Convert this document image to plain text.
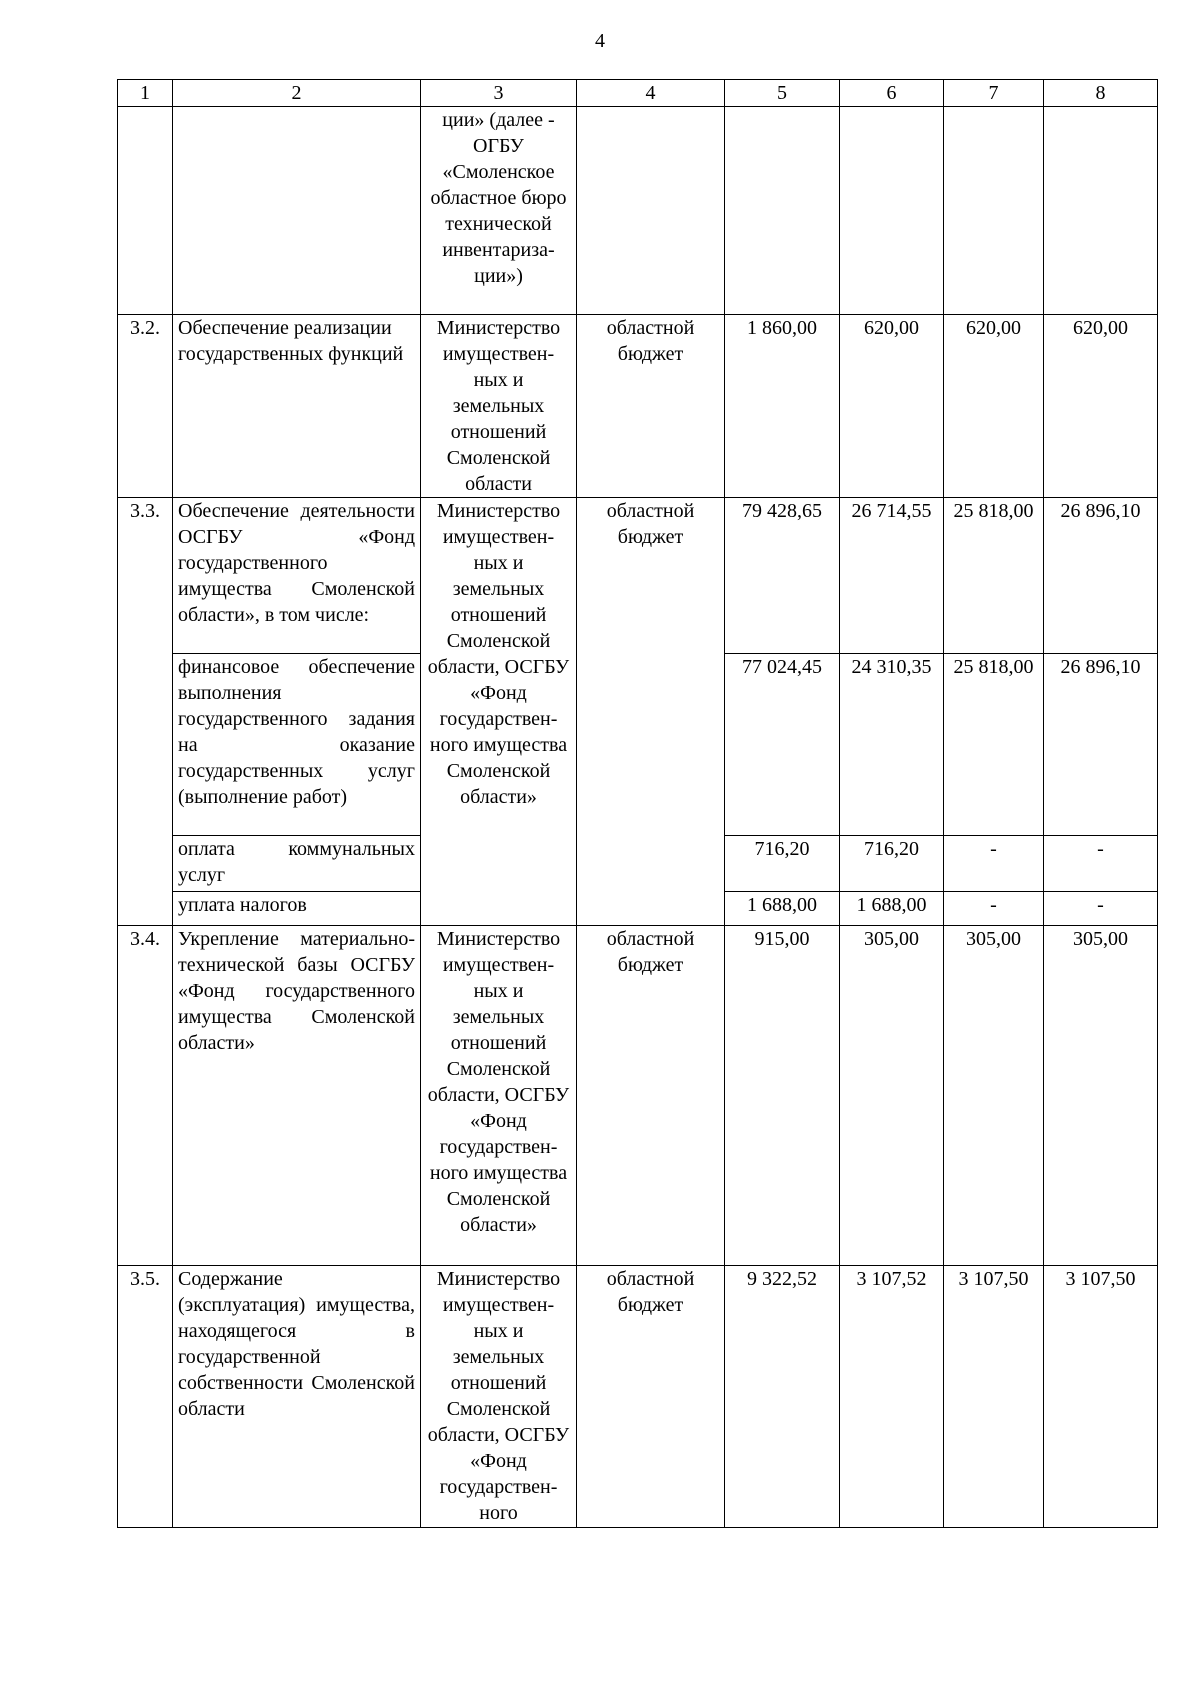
4
1	2	3	4	5	6	7	8
		ции» (далее - ОГБУ «Смоленское областное бюро технической инвентариза-ции»)					
3.2.	Обеспечение реализации государственных функций	Министерство имуществен-ных и земельных отношений Смоленской области	областной бюджет	1 860,00	620,00	620,00	620,00
3.3.	Обеспечение деятельности ОСГБУ «Фонд государственного имущества Смоленской области», в том числе:	Министерство имуществен-ных и земельных отношений Смоленской области, ОСГБУ «Фонд государствен-ного имущества Смоленской области»	областной бюджет	79 428,65	26 714,55	25 818,00	26 896,10
	финансовое обеспечение выполнения государственного задания на оказание государственных услуг (выполнение работ)			77 024,45	24 310,35	25 818,00	26 896,10
	оплата коммунальных услуг			716,20	716,20	-	-
	уплата налогов			1 688,00	1 688,00	-	-
3.4.	Укрепление материально-технической базы ОСГБУ «Фонд государственного имущества Смоленской области»	Министерство имуществен-ных и земельных отношений Смоленской области, ОСГБУ «Фонд государствен-ного имущества Смоленской области»	областной бюджет	915,00	305,00	305,00	305,00
3.5.	Содержание (эксплуатация) имущества, находящегося в государственной собственности Смоленской области	Министерство имуществен-ных и земельных отношений Смоленской области, ОСГБУ «Фонд государствен-ного	областной бюджет	9 322,52	3 107,52	3 107,50	3 107,50
